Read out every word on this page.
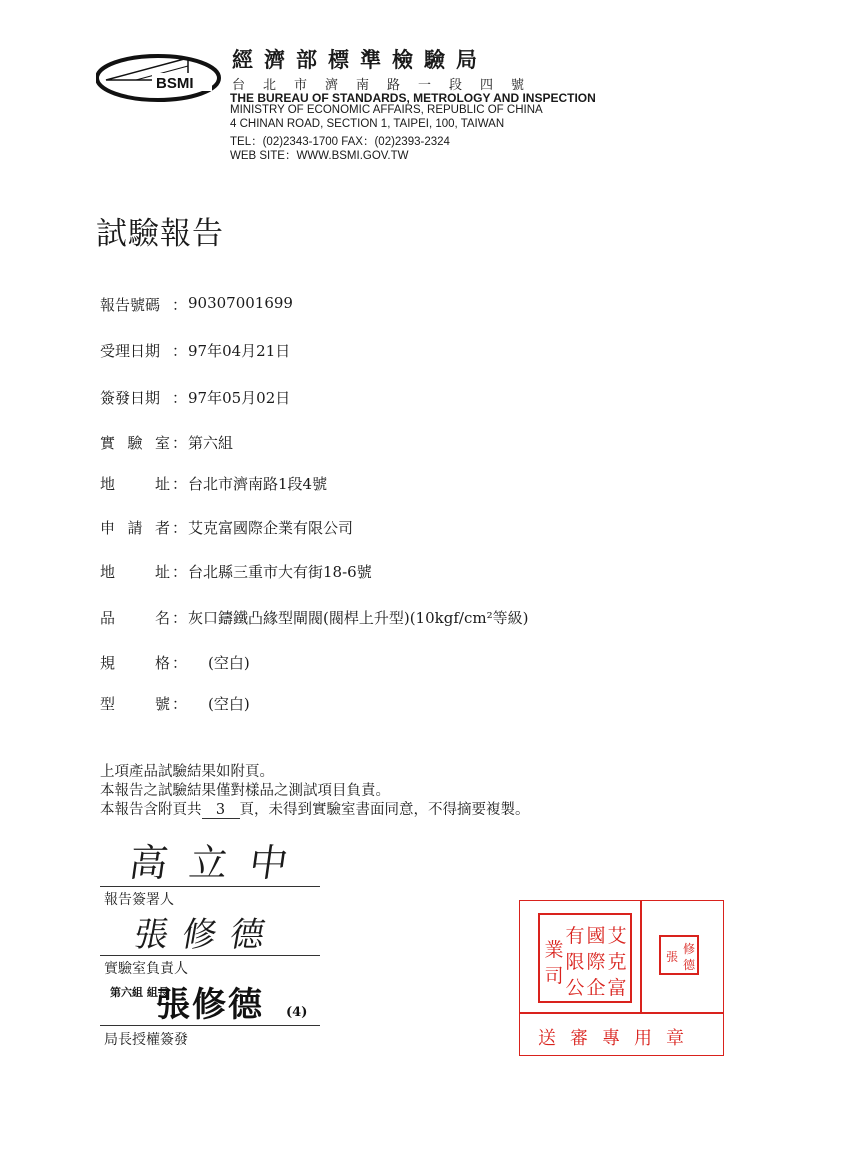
BSMI
經濟部標準檢驗局
台北市濟南路一段四號
THE BUREAU OF STANDARDS, METROLOGY AND INSPECTION
MINISTRY OF ECONOMIC AFFAIRS, REPUBLIC OF CHINA
4 CHINAN ROAD, SECTION 1, TAIPEI, 100, TAIWAN
TEL：(02)2343-1700 FAX：(02)2393-2324
WEB SITE：WWW.BSMI.GOV.TW
試驗報告
報告號碼 ： 90307001699
受理日期 ： 97年04月21日
簽發日期 ： 97年05月02日
實 驗 室 ： 第六組
地	址 ： 台北市濟南路1段4號
申 請 者 ： 艾克富國際企業有限公司
地	址 ： 台北縣三重市大有街18-6號
品	名 ： 灰口鑄鐵凸緣型閘閥(閥桿上升型)(10kgf/cm²等級)
規	格 ： (空白)
型	號 ： (空白)
上項產品試驗結果如附頁。
本報告之試驗結果僅對樣品之測試項目負責。
本報告含附頁共 3 頁，未得到實驗室書面同意，不得摘要複製。
高立中
報告簽署人
張修德
實驗室負責人
第六組 組長
張修德 (4)
局長授權簽發
艾
國
有
克
際
限
富
企
公
業
司
修
德
張
送審專用章
